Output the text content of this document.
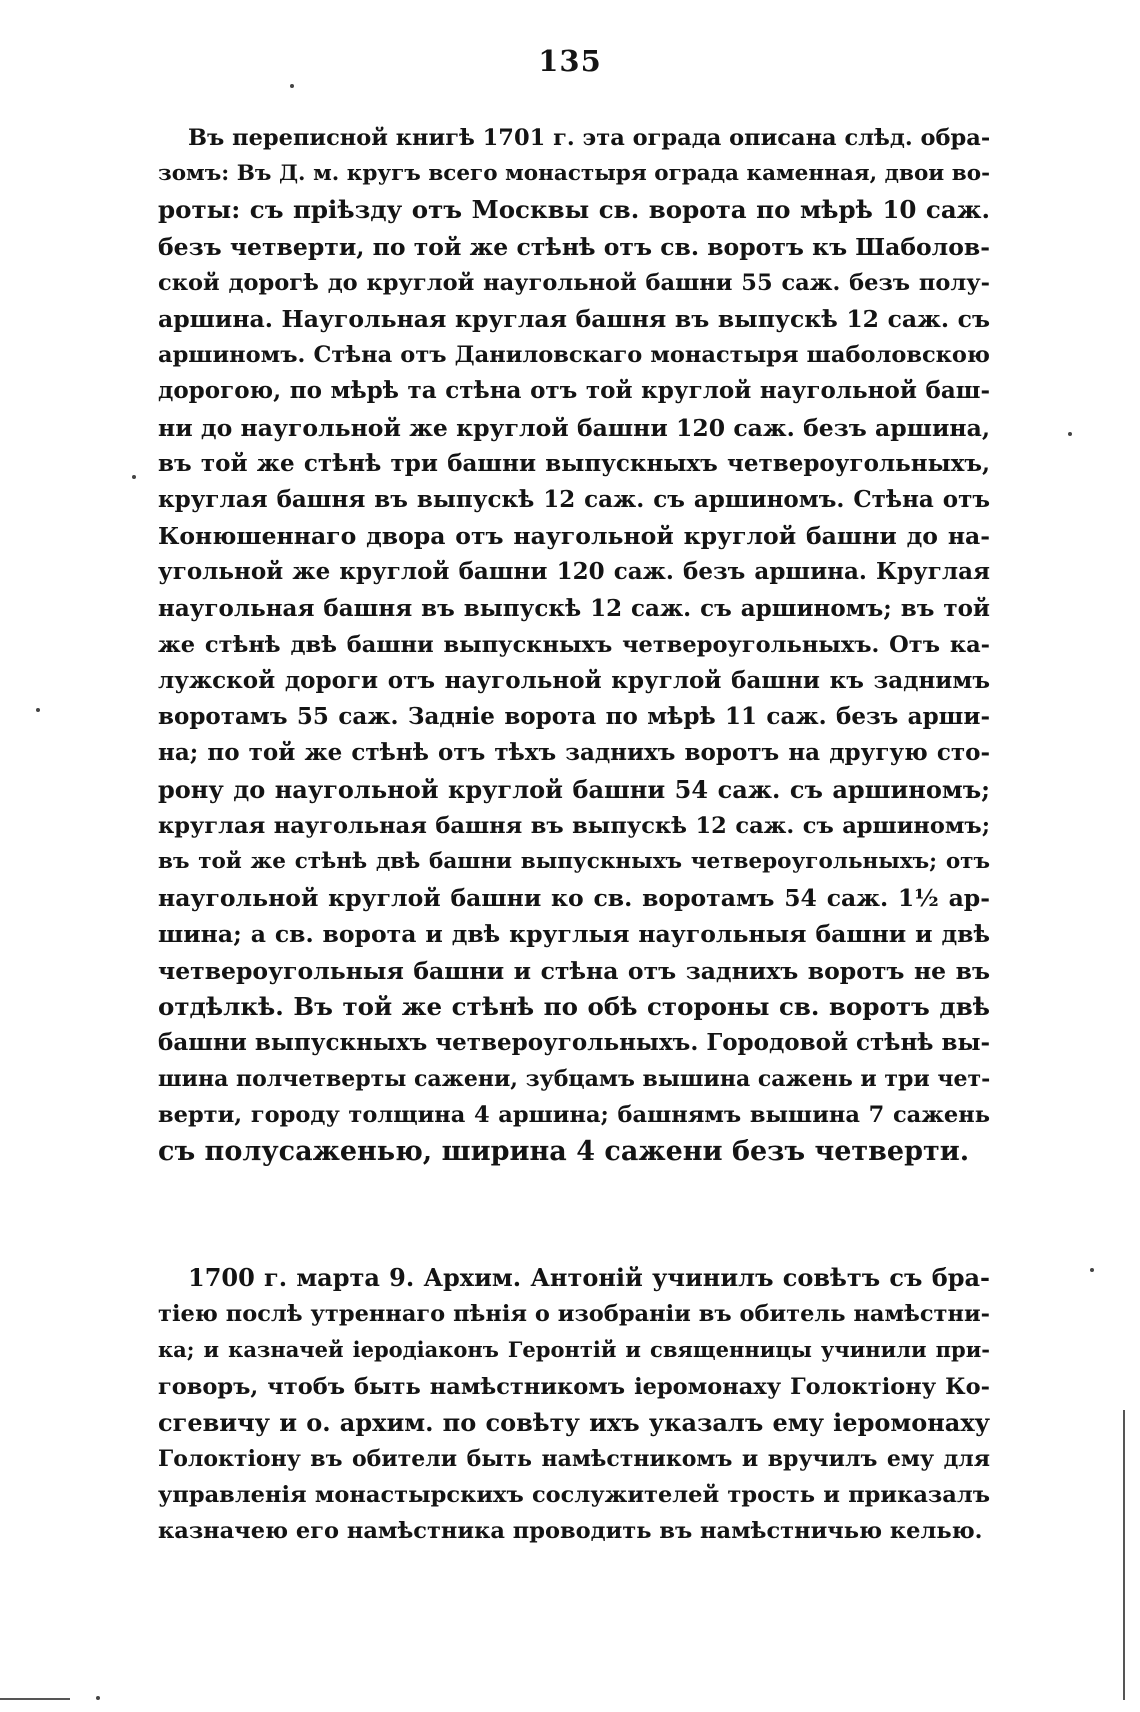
135
Въ переписной книгѣ 1701 г. эта ограда описана слѣд. обра-
зомъ: Въ Д. м. кругъ всего монастыря ограда каменная, двои во-
роты: съ пріѣзду отъ Москвы св. ворота по мѣрѣ 10 саж.
безъ четверти, по той же стѣнѣ отъ св. воротъ къ Шаболов-
ской дорогѣ до круглой наугольной башни 55 саж. безъ полу-
аршина. Наугольная круглая башня въ выпускѣ 12 саж. съ
аршиномъ. Стѣна отъ Даниловскаго монастыря шаболовскою
дорогою, по мѣрѣ та стѣна отъ той круглой наугольной баш-
ни до наугольной же круглой башни 120 саж. безъ аршина,
въ той же стѣнѣ три башни выпускныхъ четвероугольныхъ,
круглая башня въ выпускѣ 12 саж. съ аршиномъ. Стѣна отъ
Конюшеннаго двора отъ наугольной круглой башни до на-
угольной же круглой башни 120 саж. безъ аршина. Круглая
наугольная башня въ выпускѣ 12 саж. съ аршиномъ; въ той
же стѣнѣ двѣ башни выпускныхъ четвероугольныхъ. Отъ ка-
лужской дороги отъ наугольной круглой башни къ заднимъ
воротамъ 55 саж. Задніе ворота по мѣрѣ 11 саж. безъ арши-
на; по той же стѣнѣ отъ тѣхъ заднихъ воротъ на другую сто-
рону до наугольной круглой башни 54 саж. съ аршиномъ;
круглая наугольная башня въ выпускѣ 12 саж. съ аршиномъ;
въ той же стѣнѣ двѣ башни выпускныхъ четвероугольныхъ; отъ
наугольной круглой башни ко св. воротамъ 54 саж. 1½ ар-
шина; а св. ворота и двѣ круглыя наугольныя башни и двѣ
четвероугольныя башни и стѣна отъ заднихъ воротъ не въ
отдѣлкѣ. Въ той же стѣнѣ по обѣ стороны св. воротъ двѣ
башни выпускныхъ четвероугольныхъ. Городовой стѣнѣ вы-
шина полчетверты сажени, зубцамъ вышина сажень и три чет-
верти, городу толщина 4 аршина; башнямъ вышина 7 сажень
съ полусаженью, ширина 4 сажени безъ четверти.
1700 г. марта 9. Архим. Антоній учинилъ совѣтъ съ бра-
тіею послѣ утреннаго пѣнія о изобраніи въ обитель намѣстни-
ка; и казначей іеродіаконъ Геронтій и священницы учинили при-
говоръ, чтобъ быть намѣстникомъ іеромонаху Голоктіону Ко-
сгевичу и о. архим. по совѣту ихъ указалъ ему іеромонаху
Голоктіону въ обители быть намѣстникомъ и вручилъ ему для
управленія монастырскихъ сослужителей трость и приказалъ
казначею его намѣстника проводить въ намѣстничью келью.
